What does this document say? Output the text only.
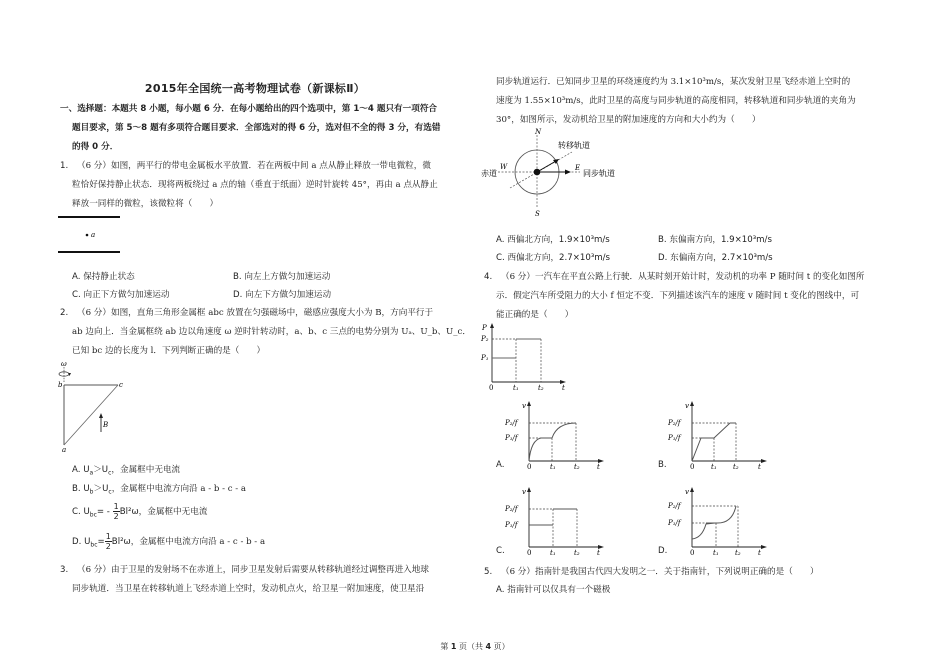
2015年全国统一高考物理试卷（新课标Ⅱ）
一、选择题：本题共 8 小题，每小题 6 分．在每小题给出的四个选项中，第 1～4 题只有一项符合
题目要求，第 5～8 题有多项符合题目要求．全部选对的得 6 分，选对但不全的得 3 分，有选错
的得 0 分．
1. （6 分）如图，两平行的带电金属板水平放置．若在两板中间 a 点从静止释放一带电微粒，微
粒恰好保持静止状态．现将两板绕过 a 点的轴（垂直于纸面）逆时针旋转 45°，再由 a 点从静止
释放一同样的微粒，该微粒将（　　）
a
A. 保持静止状态	B. 向左上方做匀加速运动
C. 向正下方做匀加速运动	D. 向左下方做匀加速运动
2. （6 分）如图，直角三角形金属框 abc 放置在匀强磁场中，磁感应强度大小为 B，方向平行于
ab 边向上．当金属框绕 ab 边以角速度 ω 逆时针转动时，a、b、c 三点的电势分别为 Uₐ、U_b、U_c．
已知 bc 边的长度为 l．下列判断正确的是（　　）
ω
b	c
a
B
A. $U_a>U_c$，金属框中无电流
B. $U_b>U_c$，金属框中电流方向沿 a - b - c - a
C. $U_{bc}= - \frac{1}{2} Bl^2\omega$，金属框中无电流
D. $U_{bc}= \frac{1}{2} Bl^2\omega$，金属框中电流方向沿 a - c - b - a
3. （6 分）由于卫星的发射场不在赤道上，同步卫星发射后需要从转移轨道经过调整再进入地球
同步轨道．当卫星在转移轨道上飞经赤道上空时，发动机点火，给卫星一附加速度，使卫星沿
同步轨道运行．已知同步卫星的环绕速度约为 3.1×10³m/s，某次发射卫星飞经赤道上空时的
速度为 1.55×10³m/s，此时卫星的高度与同步轨道的高度相同，转移轨道和同步轨道的夹角为
30°，如图所示，发动机给卫星的附加速度的方向和大小约为（　　）
N
S
E
W
转移轨道
同步轨道
赤道
A. 西偏北方向，1.9×10³m/s	B. 东偏南方向，1.9×10³m/s
C. 西偏北方向，2.7×10³m/s	D. 东偏南方向，2.7×10³m/s
4. （6 分）一汽车在平直公路上行驶．从某时刻开始计时，发动机的功率 P 随时间 t 的变化如图所
示．假定汽车所受阻力的大小 f 恒定不变．下列描述该汽车的速度 v 随时间 t 变化的图线中，可
能正确的是（　　）
P
P₂
P₁
0	t₁	t₂	t
A.
v
P₂/f
P₁/f
0	t₁	t₂ t	B.
v
P₂/f
P₁/f
0 t₁ t₂	t
C.
v
P₂/f
P₁/f
0	t₁	t₂ t	D.
v
P₂/f
P₁/f
0	t₁ t₂ t
5. （6 分）指南针是我国古代四大发明之一．关于指南针，下列说明正确的是（　　）
A. 指南针可以仅具有一个磁极
第 1 页（共 4 页）
